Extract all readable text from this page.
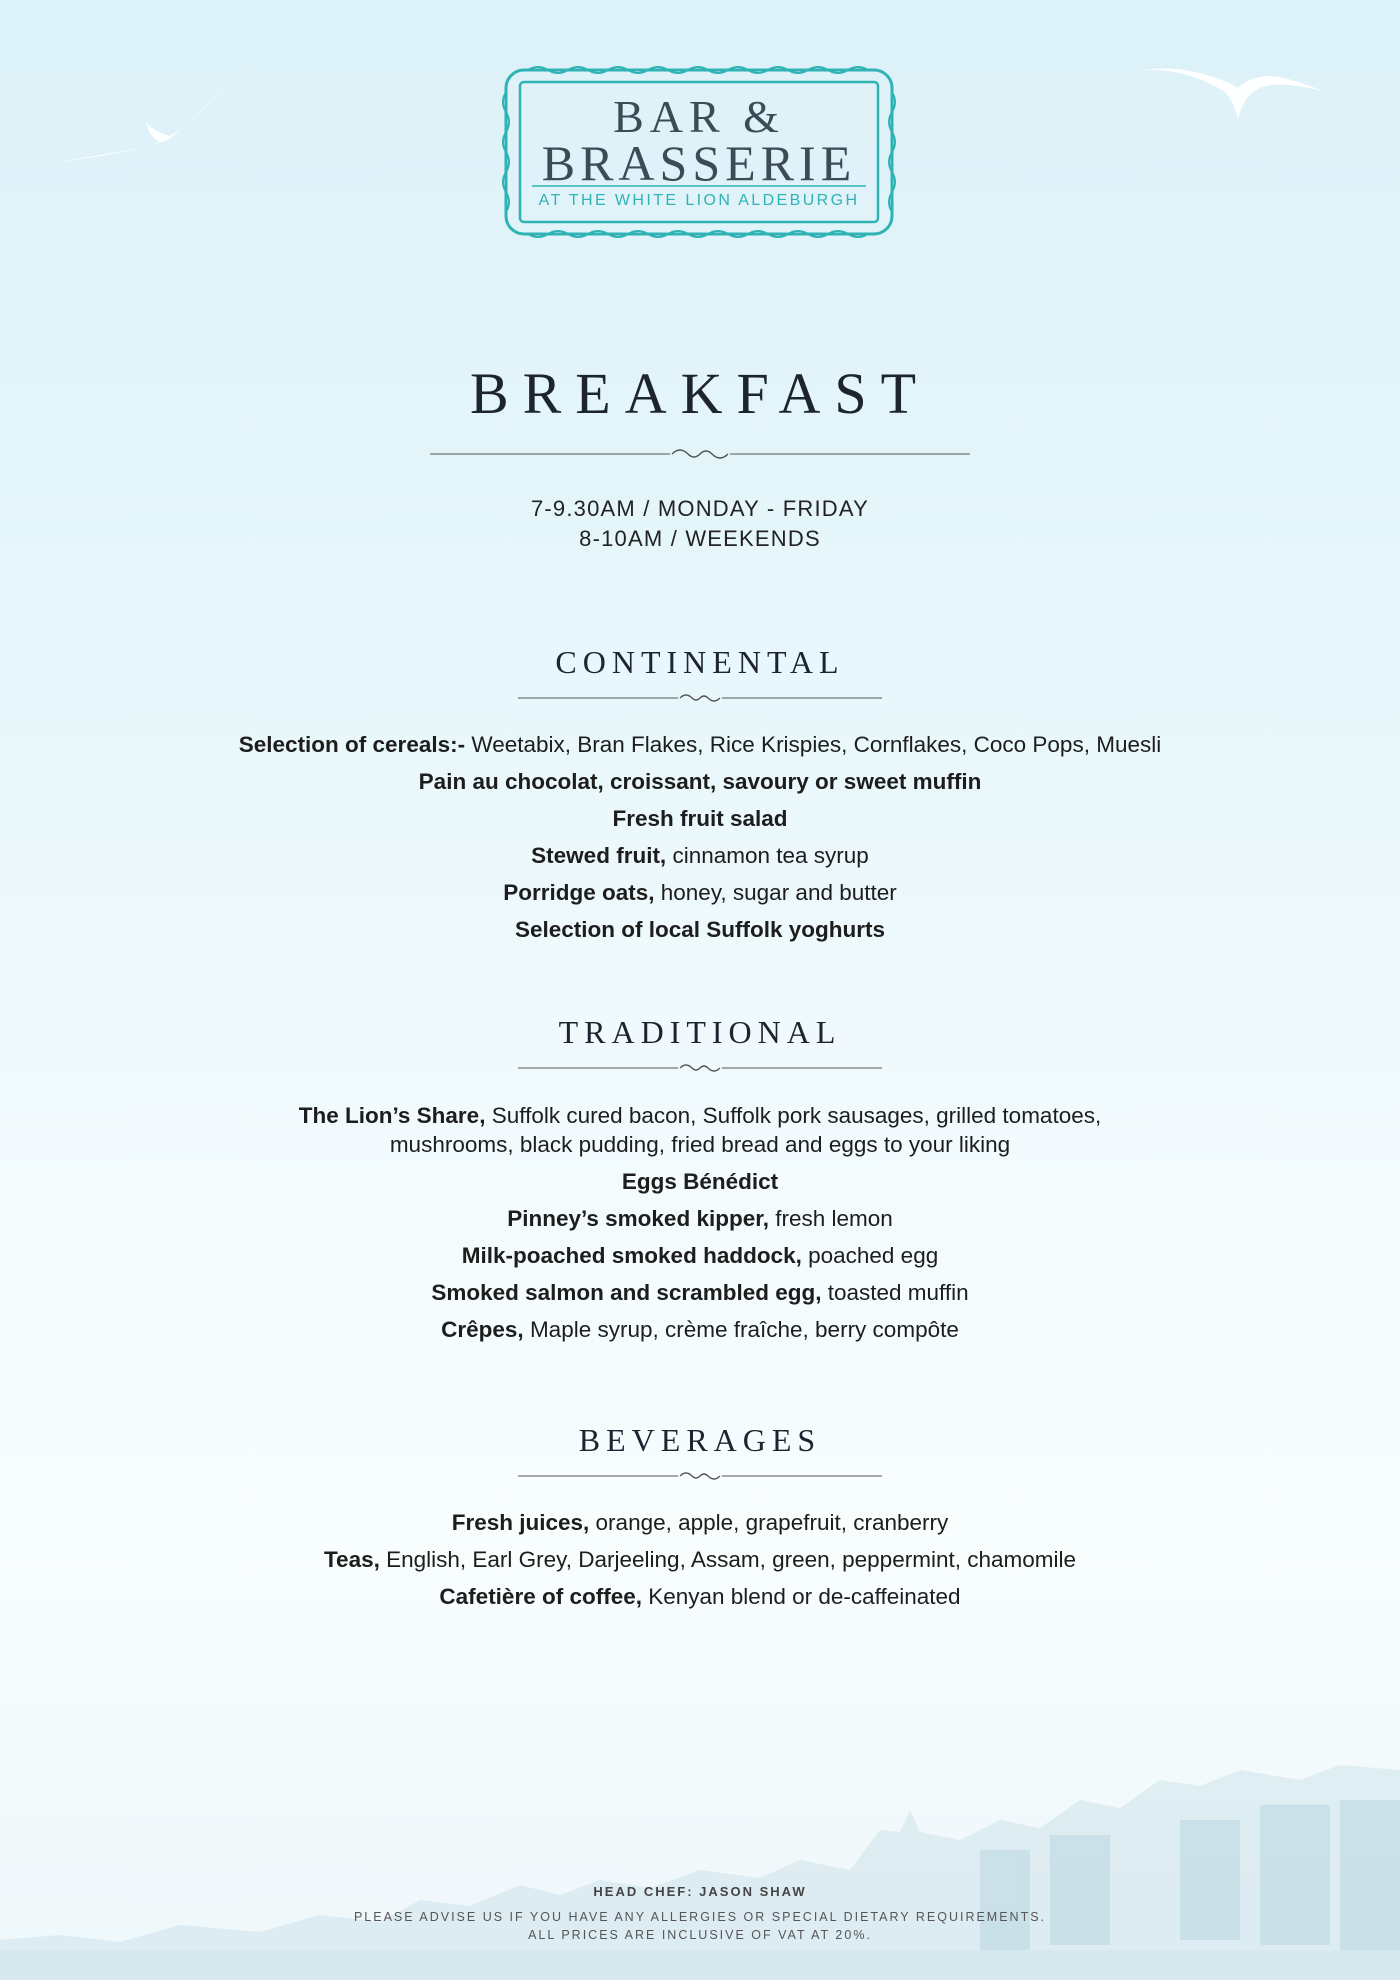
BAR &
BRASSERIE
AT THE WHITE LION ALDEBURGH
BREAKFAST
7-9.30AM / MONDAY - FRIDAY
8-10AM / WEEKENDS
CONTINENTAL

Selection of cereals:- Weetabix, Bran Flakes, Rice Krispies, Cornflakes, Coco Pops, Muesli

Pain au chocolat, croissant, savoury or sweet muffin

Fresh fruit salad

Stewed fruit, cinnamon tea syrup

Porridge oats, honey, sugar and butter

Selection of local Suffolk yoghurts

TRADITIONAL

The Lion’s Share, Suffolk cured bacon, Suffolk pork sausages, grilled tomatoes,
mushrooms, black pudding, fried bread and eggs to your liking

Eggs Bénédict

Pinney’s smoked kipper, fresh lemon

Milk-poached smoked haddock, poached egg

Smoked salmon and scrambled egg, toasted muffin

Crêpes, Maple syrup, crème fraîche, berry compôte

BEVERAGES

Fresh juices, orange, apple, grapefruit, cranberry

Teas, English, Earl Grey, Darjeeling, Assam, green, peppermint, chamomile

Cafetière of coffee, Kenyan blend or de-caffeinated

HEAD CHEF: JASON SHAW
PLEASE ADVISE US IF YOU HAVE ANY ALLERGIES OR SPECIAL DIETARY REQUIREMENTS.
ALL PRICES ARE INCLUSIVE OF VAT AT 20%.
